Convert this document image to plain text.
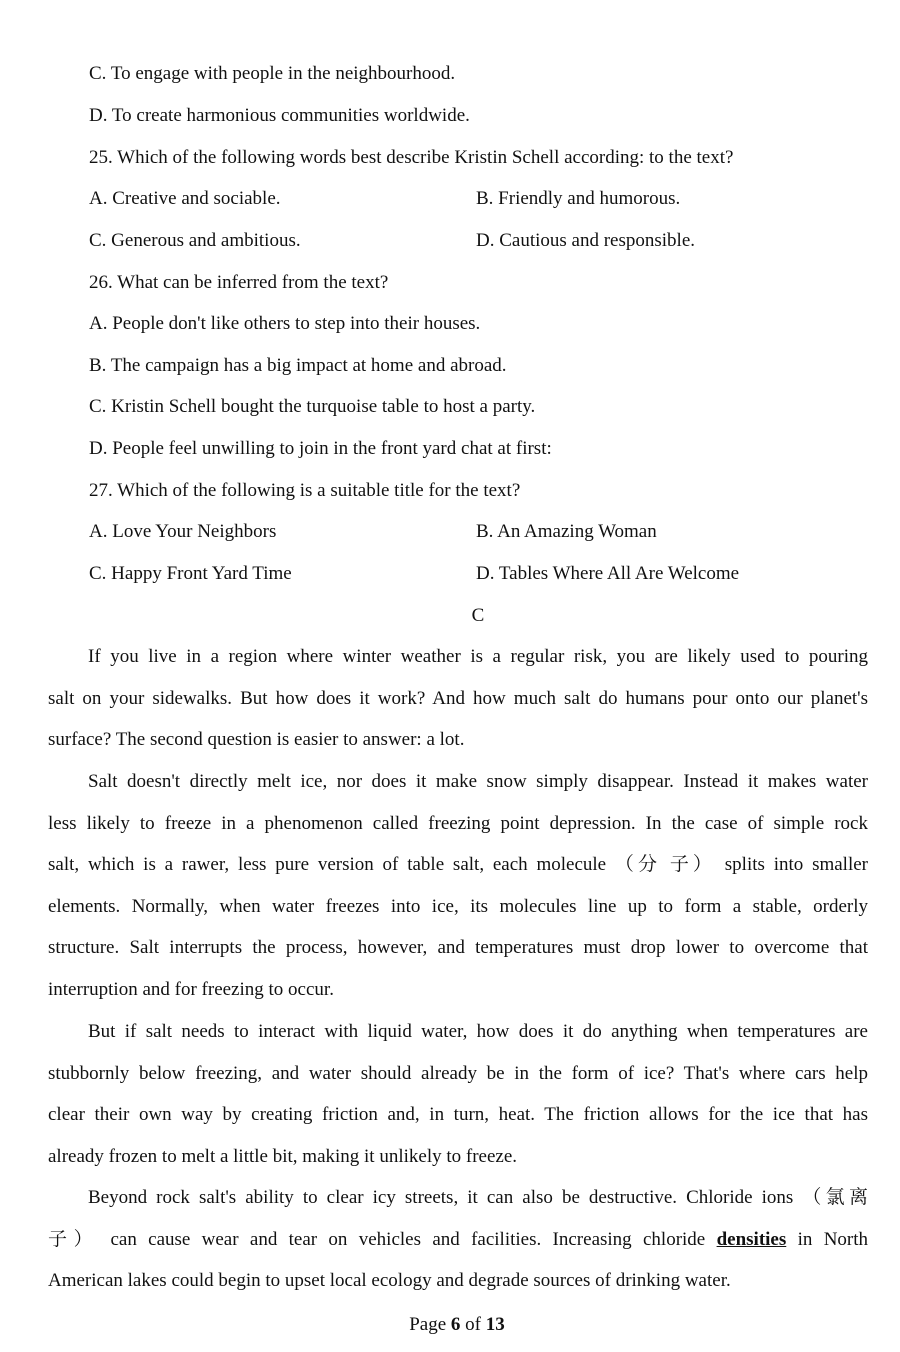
C. To engage with people in the neighbourhood.
D. To create harmonious communities worldwide.
25. Which of the following words best describe Kristin Schell according: to the text?
A. Creative and sociable.	B. Friendly and humorous.
C. Generous and ambitious.	D. Cautious and responsible.
26. What can be inferred from the text?
A. People don't like others to step into their houses.
B. The campaign has a big impact at home and abroad.
C. Kristin Schell bought the turquoise table to host a party.
D. People feel unwilling to join in the front yard chat at first:
27. Which of the following is a suitable title for the text?
A. Love Your Neighbors	B. An Amazing Woman
C. Happy Front Yard Time	D. Tables Where All Are Welcome
C
If you live in a region where winter weather is a regular risk, you are likely used to pouring
salt on your sidewalks. But how does it work? And how much salt do humans pour onto our planet's
surface? The second question is easier to answer: a lot.
Salt doesn't directly melt ice, nor does it make snow simply disappear. Instead it makes water
less likely to freeze in a phenomenon called freezing point depression. In the case of simple rock
salt, which is a rawer, less pure version of table salt, each molecule （分 子） splits into smaller
elements. Normally, when water freezes into ice, its molecules line up to form a stable, orderly
structure. Salt interrupts the process, however, and temperatures must drop lower to overcome that
interruption and for freezing to occur.
But if salt needs to interact with liquid water, how does it do anything when temperatures are
stubbornly below freezing, and water should already be in the form of ice? That's where cars help
clear their own way by creating friction and, in turn, heat. The friction allows for the ice that has
already frozen to melt a little bit, making it unlikely to freeze.
Beyond rock salt's ability to clear icy streets, it can also be destructive. Chloride ions （氯离
子） can cause wear and tear on vehicles and facilities. Increasing chloride densities in North
American lakes could begin to upset local ecology and degrade sources of drinking water.
Page 6 of 13
